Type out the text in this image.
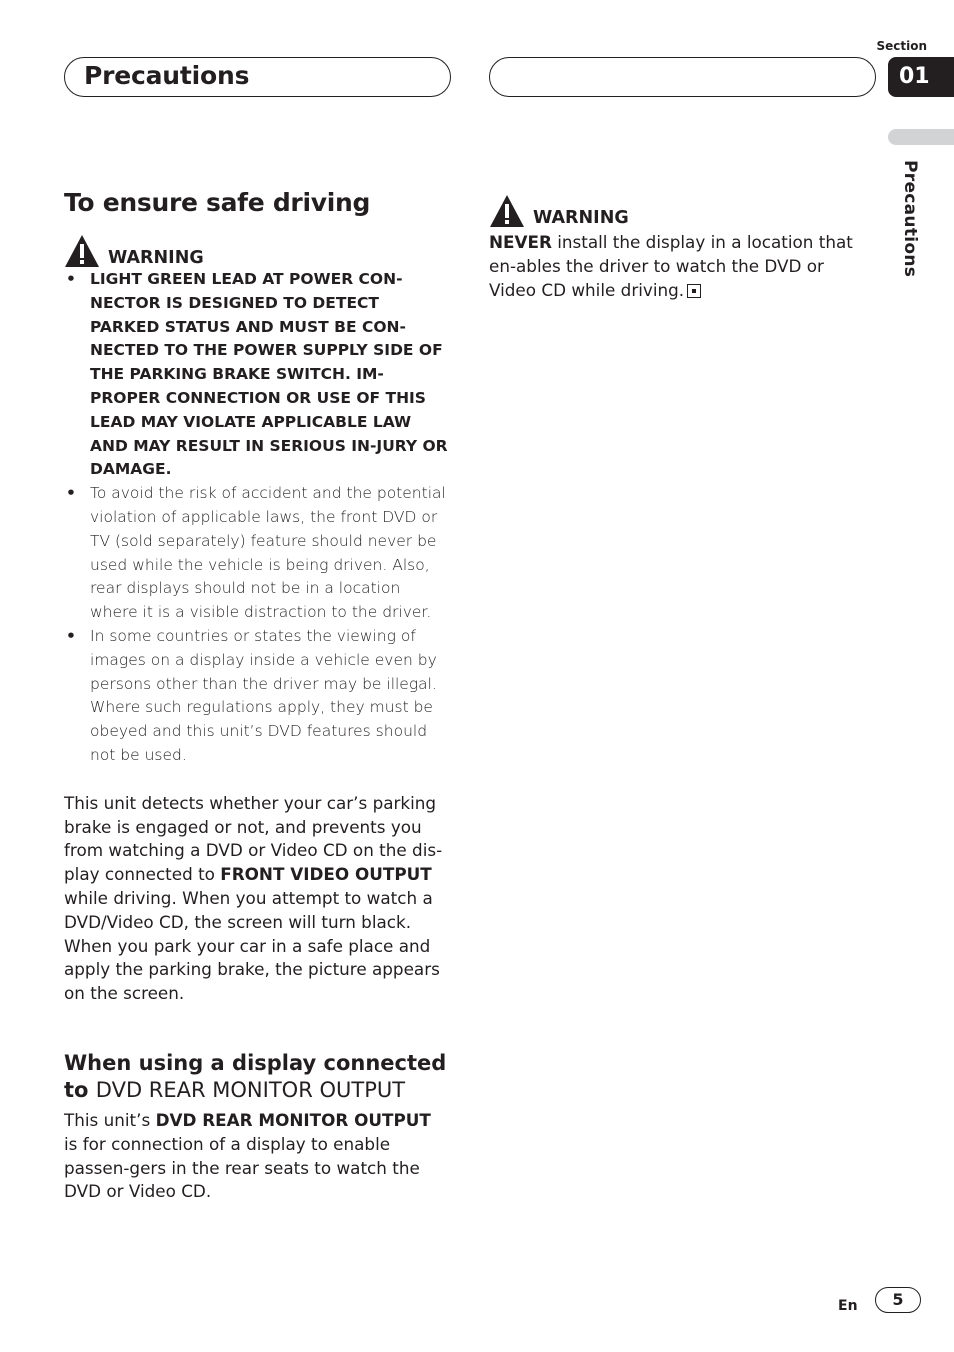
Precautions
Section
01
Precautions
To ensure safe driving
WARNING
• LIGHT GREEN LEAD AT POWER CON-NECTOR IS DESIGNED TO DETECT PARKED STATUS AND MUST BE CON-NECTED TO THE POWER SUPPLY SIDE OF THE PARKING BRAKE SWITCH. IM-PROPER CONNECTION OR USE OF THIS LEAD MAY VIOLATE APPLICABLE LAW AND MAY RESULT IN SERIOUS IN-JURY OR DAMAGE.
• To avoid the risk of accident and the potential violation of applicable laws, the front DVD or TV (sold separately) feature should never be used while the vehicle is being driven. Also, rear displays should not be in a location where it is a visible distraction to the driver.
• In some countries or states the viewing of images on a display inside a vehicle even by persons other than the driver may be illegal. Where such regulations apply, they must be obeyed and this unit’s DVD features should not be used.

This unit detects whether your car’s parking brake is engaged or not, and prevents you from watching a DVD or Video CD on the dis-play connected to FRONT VIDEO OUTPUT while driving. When you attempt to watch a DVD/Video CD, the screen will turn black. When you park your car in a safe place and apply the parking brake, the picture appears on the screen.

When using a display connected to DVD REAR MONITOR OUTPUT

This unit’s DVD REAR MONITOR OUTPUT is for connection of a display to enable passen-gers in the rear seats to watch the DVD or Video CD.

WARNING

NEVER install the display in a location that en-ables the driver to watch the DVD or Video CD while driving.

En	5
